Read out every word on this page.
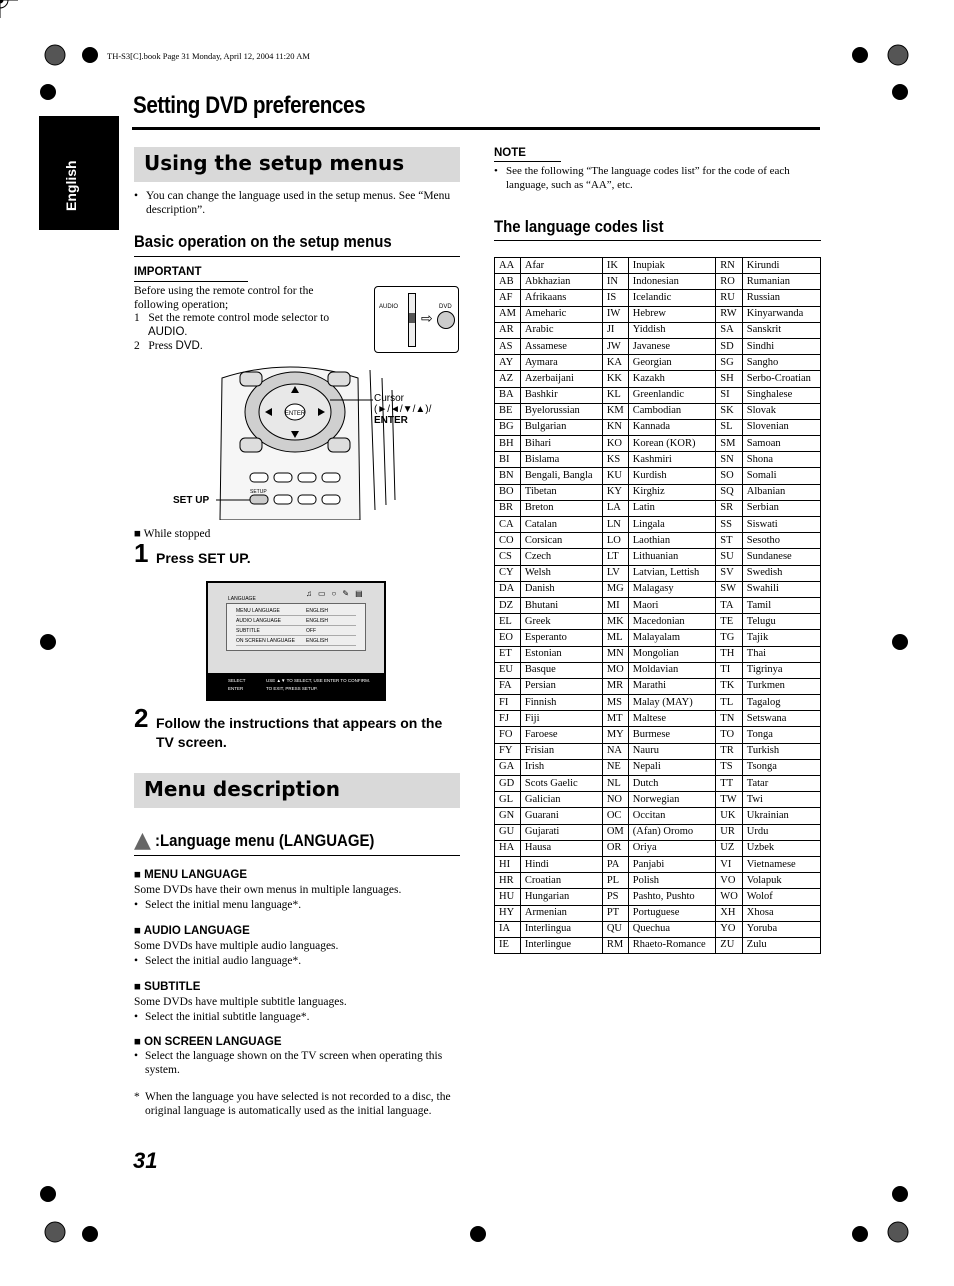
TH-S3[C].book Page 31 Monday, April 12, 2004 11:20 AM
English
Setting DVD preferences
Using the setup menus
• You can change the language used in the setup menus. See “Menu description”.
Basic operation on the setup menus
IMPORTANT
Before using the remote control for the following operation;
1 Set the remote control mode selector to
AUDIO.
2 Press DVD.
AUDIO	DVD
⇨
ENTER
SETUP
Cursor
(►/◄/▼/▲)/
ENTER
SET UP
■ While stopped
1 Press SET UP.
LANGUAGE
♫ ▭ ○ ✎ ▤
MENU LANGUAGE	ENGLISH
AUDIO LANGUAGE	ENGLISH
SUBTITLE	OFF
ON SCREEN LANGUAGE	ENGLISH
SELECT
ENTER
USE ▲▼ TO SELECT, USE ENTER TO CONFIRM.
TO EXIT, PRESS SETUP.
2 Follow the instructions that appears on the TV screen.
Menu description
▲ :Language menu (LANGUAGE)
■ MENU LANGUAGE
Some DVDs have their own menus in multiple languages.
• Select the initial menu language*.
■ AUDIO LANGUAGE
Some DVDs have multiple audio languages.
• Select the initial audio language*.
■ SUBTITLE
Some DVDs have multiple subtitle languages.
• Select the initial subtitle language*.
■ ON SCREEN LANGUAGE
• Select the language shown on the TV screen when operating this system.
* When the language you have selected is not recorded to a disc, the original language is automatically used as the initial language.
31
NOTE
• See the following “The language codes list” for the code of each language, such as “AA”, etc.
The language codes list
AA	Afar	IK	Inupiak	RN	Kirundi
AB	Abkhazian	IN	Indonesian	RO	Rumanian
AF	Afrikaans	IS	Icelandic	RU	Russian
AM	Ameharic	IW	Hebrew	RW	Kinyarwanda
AR	Arabic	JI	Yiddish	SA	Sanskrit
AS	Assamese	JW	Javanese	SD	Sindhi
AY	Aymara	KA	Georgian	SG	Sangho
AZ	Azerbaijani	KK	Kazakh	SH	Serbo-Croatian
BA	Bashkir	KL	Greenlandic	SI	Singhalese
BE	Byelorussian	KM	Cambodian	SK	Slovak
BG	Bulgarian	KN	Kannada	SL	Slovenian
BH	Bihari	KO	Korean (KOR)	SM	Samoan
BI	Bislama	KS	Kashmiri	SN	Shona
BN	Bengali, Bangla	KU	Kurdish	SO	Somali
BO	Tibetan	KY	Kirghiz	SQ	Albanian
BR	Breton	LA	Latin	SR	Serbian
CA	Catalan	LN	Lingala	SS	Siswati
CO	Corsican	LO	Laothian	ST	Sesotho
CS	Czech	LT	Lithuanian	SU	Sundanese
CY	Welsh	LV	Latvian, Lettish	SV	Swedish
DA	Danish	MG	Malagasy	SW	Swahili
DZ	Bhutani	MI	Maori	TA	Tamil
EL	Greek	MK	Macedonian	TE	Telugu
EO	Esperanto	ML	Malayalam	TG	Tajik
ET	Estonian	MN	Mongolian	TH	Thai
EU	Basque	MO	Moldavian	TI	Tigrinya
FA	Persian	MR	Marathi	TK	Turkmen
FI	Finnish	MS	Malay (MAY)	TL	Tagalog
FJ	Fiji	MT	Maltese	TN	Setswana
FO	Faroese	MY	Burmese	TO	Tonga
FY	Frisian	NA	Nauru	TR	Turkish
GA	Irish	NE	Nepali	TS	Tsonga
GD	Scots Gaelic	NL	Dutch	TT	Tatar
GL	Galician	NO	Norwegian	TW	Twi
GN	Guarani	OC	Occitan	UK	Ukrainian
GU	Gujarati	OM	(Afan) Oromo	UR	Urdu
HA	Hausa	OR	Oriya	UZ	Uzbek
HI	Hindi	PA	Panjabi	VI	Vietnamese
HR	Croatian	PL	Polish	VO	Volapuk
HU	Hungarian	PS	Pashto, Pushto	WO	Wolof
HY	Armenian	PT	Portuguese	XH	Xhosa
IA	Interlingua	QU	Quechua	YO	Yoruba
IE	Interlingue	RM	Rhaeto-Romance	ZU	Zulu
